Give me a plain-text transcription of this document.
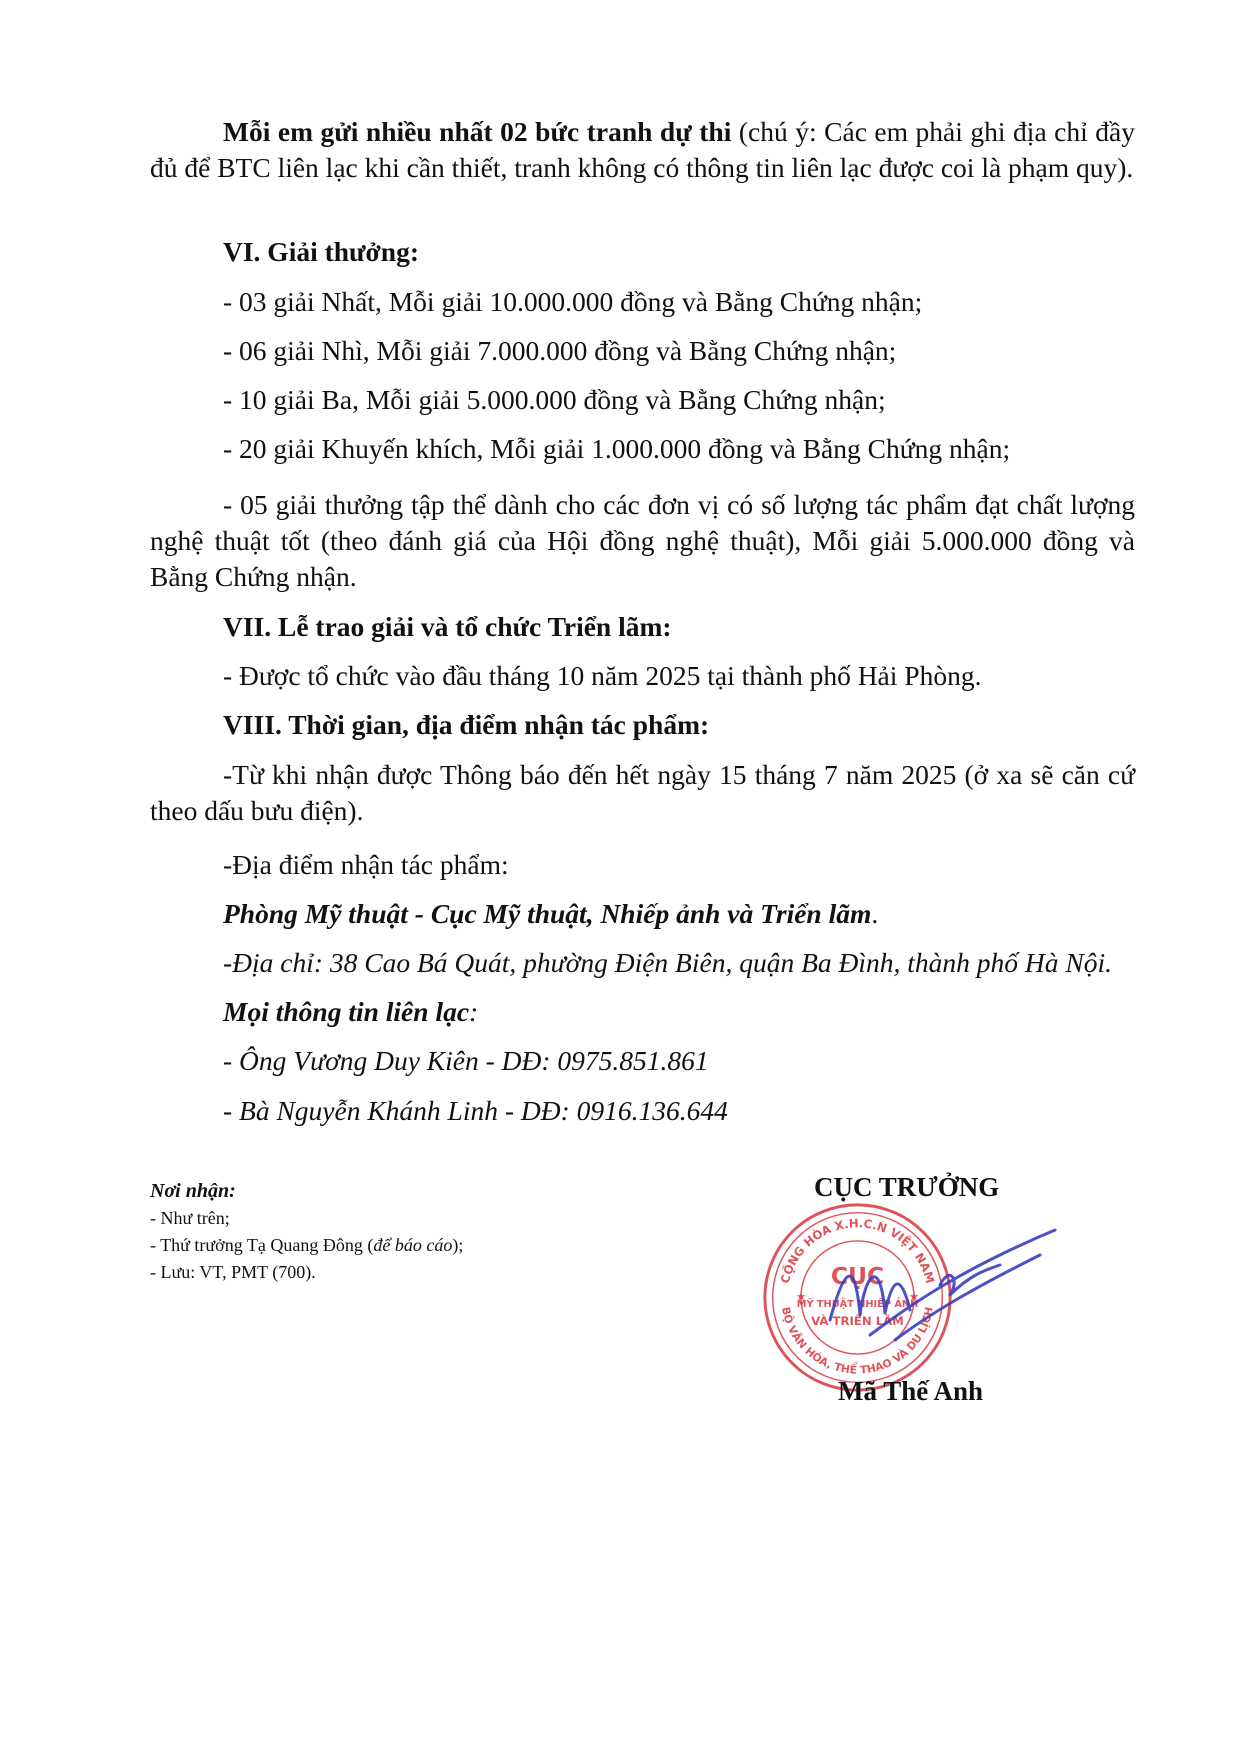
Mỗi em gửi nhiều nhất 02 bức tranh dự thi (chú ý: Các em phải ghi địa chỉ đầy đủ để BTC liên lạc khi cần thiết, tranh không có thông tin liên lạc được coi là phạm quy).
VI. Giải thưởng:
- 03 giải Nhất, Mỗi giải 10.000.000 đồng và Bằng Chứng nhận;
- 06 giải Nhì, Mỗi giải 7.000.000 đồng và Bằng Chứng nhận;
- 10 giải Ba, Mỗi giải 5.000.000 đồng và Bằng Chứng nhận;
- 20 giải Khuyến khích, Mỗi giải 1.000.000 đồng và Bằng Chứng nhận;
- 05 giải thưởng tập thể dành cho các đơn vị có số lượng tác phẩm đạt chất lượng nghệ thuật tốt (theo đánh giá của Hội đồng nghệ thuật), Mỗi giải 5.000.000 đồng và Bằng Chứng nhận.
VII. Lễ trao giải và tổ chức Triển lãm:
- Được tổ chức vào đầu tháng 10 năm 2025 tại thành phố Hải Phòng.
VIII. Thời gian, địa điểm nhận tác phẩm:
-Từ khi nhận được Thông báo đến hết ngày 15 tháng 7 năm 2025 (ở xa sẽ căn cứ theo dấu bưu điện).
-Địa điểm nhận tác phẩm:
Phòng Mỹ thuật - Cục Mỹ thuật, Nhiếp ảnh và Triển lãm.
-Địa chỉ: 38 Cao Bá Quát, phường Điện Biên, quận Ba Đình, thành phố Hà Nội.
Mọi thông tin liên lạc:
- Ông Vương Duy Kiên - DĐ: 0975.851.861
- Bà Nguyễn Khánh Linh - DĐ: 0916.136.644
Nơi nhận:
- Như trên;
- Thứ trưởng Tạ Quang Đông (để báo cáo);
- Lưu: VT, PMT (700).
CỤC TRƯỞNG
CỘNG HÒA X.H.C.N VIỆT NAM
BỘ VĂN HÓA, THỂ THAO VÀ DU LỊCH
CỤC
MỸ THUẬT NHIẾP ẢNH
VÀ TRIỂN LÃM
★	★
Mã Thế Anh
